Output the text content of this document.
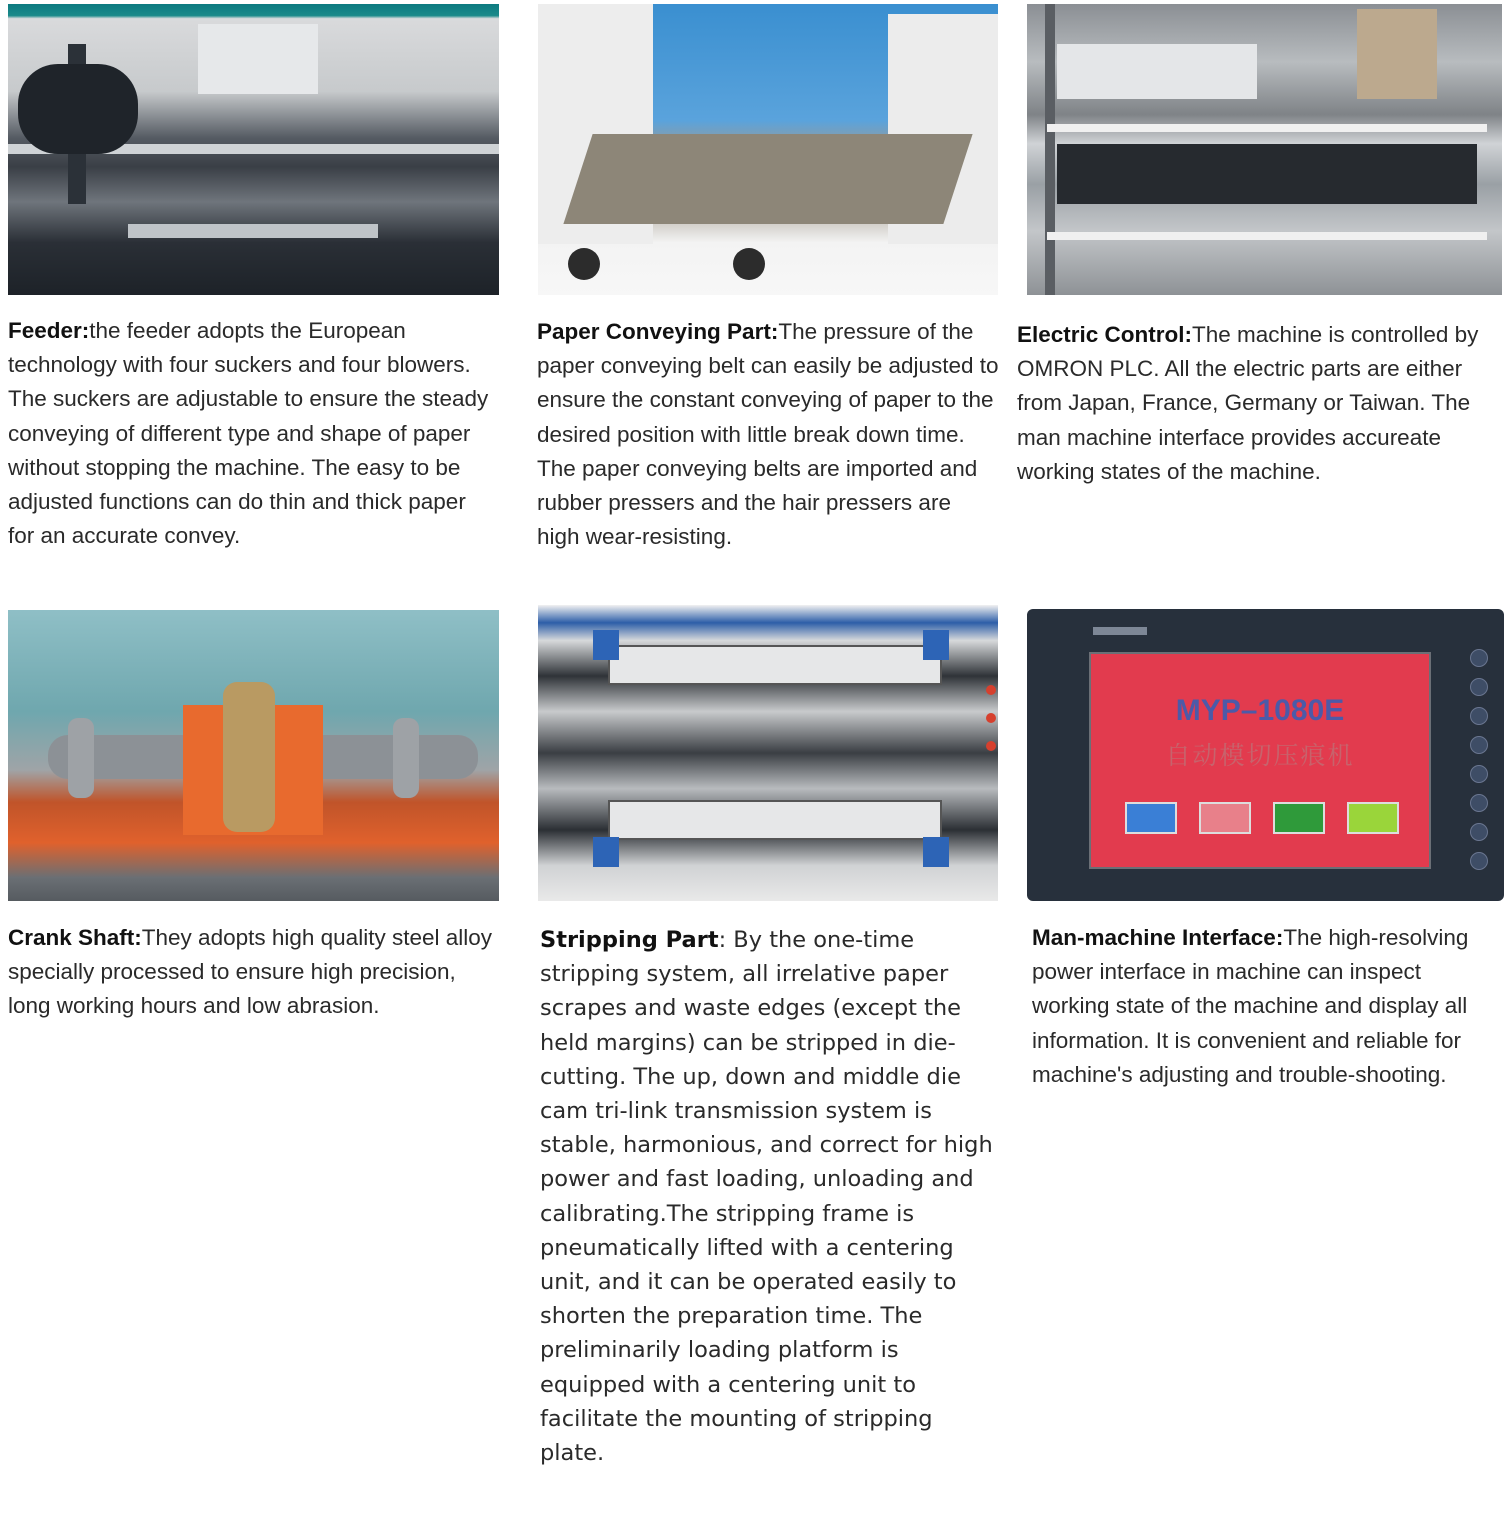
Feeder:the feeder adopts the European technology with four suckers and four blowers. The suckers are adjustable to ensure the steady conveying of different type and shape of paper without stopping the machine. The easy to be adjusted functions can do thin and thick paper for an accurate convey.
Paper Conveying Part:The pressure of the paper conveying belt can easily be adjusted to ensure the constant conveying of paper to the desired position with little break down time. The paper conveying belts are imported and rubber pressers and the hair pressers are high wear-resisting.
Electric Control:The machine is controlled by OMRON PLC. All the electric parts are either from Japan, France, Germany or Taiwan. The man machine interface provides accureate working states of the machine.
MYP–1080E
自动模切压痕机
Crank Shaft:They adopts high quality steel alloy specially processed to ensure high precision, long working hours and low abrasion.
Stripping Part: By the one-time stripping system, all irrelative paper scrapes and waste edges (except the held margins) can be stripped in die-cutting. The up, down and middle die cam tri-link transmission system is stable, harmonious, and correct for high power and fast loading, unloading and calibrating.The stripping frame is pneumatically lifted with a centering unit, and it can be operated easily to shorten the preparation time. The preliminarily loading platform is equipped with a centering unit to facilitate the mounting of stripping plate.
Man-machine Interface:The high-resolving power interface in machine can inspect working state of the machine and display all information. It is convenient and reliable for machine's adjusting and trouble-shooting.
